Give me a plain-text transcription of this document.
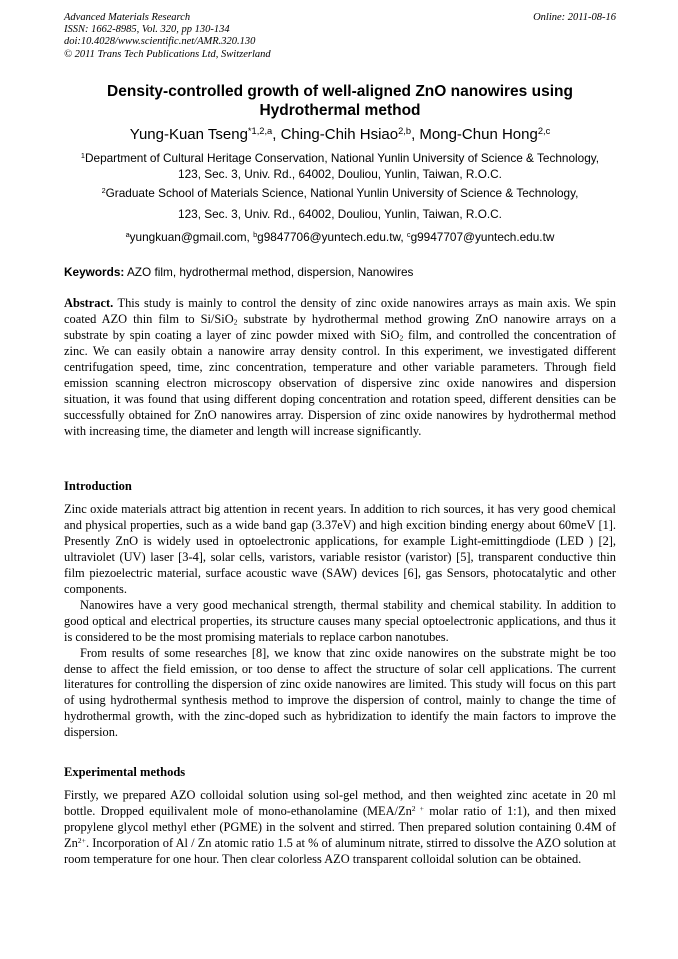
Advanced Materials Research
ISSN: 1662-8985, Vol. 320, pp 130-134
doi:10.4028/www.scientific.net/AMR.320.130
© 2011 Trans Tech Publications Ltd, Switzerland
Online: 2011-08-16
Density-controlled growth of well-aligned ZnO nanowires using
Hydrothermal method
Yung-Kuan Tseng$^{*1,2,a}$, Ching-Chih Hsiao$^{2,b}$, Mong-Chun Hong$^{2,c}$
$^1$Department of Cultural Heritage Conservation, National Yunlin University of Science & Technology,
123, Sec. 3, Univ. Rd., 64002, Douliou, Yunlin, Taiwan, R.O.C.
$^2$Graduate School of Materials Science, National Yunlin University of Science & Technology,
123, Sec. 3, Univ. Rd., 64002, Douliou, Yunlin, Taiwan, R.O.C.
$^a$yungkuan@gmail.com, $^b$g9847706@yuntech.edu.tw, $^c$g9947707@yuntech.edu.tw
Keywords: AZO film, hydrothermal method, dispersion, Nanowires

Abstract. This study is mainly to control the density of zinc oxide nanowires arrays as main axis. We spin coated AZO thin film to Si/SiO$_2$ substrate by hydrothermal method growing ZnO nanowire arrays on a substrate by spin coating a layer of zinc powder mixed with SiO$_2$ film, and controlled the concentration of zinc. We can easily obtain a nanowire array density control. In this experiment, we investigated different centrifugation speed, time, zinc concentration, temperature and other variable parameters. Through field emission scanning electron microscopy observation of dispersive zinc oxide nanowires and dispersion situation, it was found that using different doping concentration and rotation speed, different densities can be successfully obtained for ZnO nanowires array. Dispersion of zinc oxide nanowires by hydrothermal method with increasing time, the diameter and length will increase significantly.

Introduction

Zinc oxide materials attract big attention in recent years. In addition to rich sources, it has very good chemical and physical properties, such as a wide band gap (3.37eV) and high excition binding energy about 60meV [1]. Presently ZnO is widely used in optoelectronic applications, for example Light-emittingdiode (LED ) [2], ultraviolet (UV) laser [3-4], solar cells, varistors, variable resistor (varistor) [5], transparent conductive thin film piezoelectric material, surface acoustic wave (SAW) devices [6], gas Sensors, photocatalytic and other components.

Nanowires have a very good mechanical strength, thermal stability and chemical stability. In addition to good optical and electrical properties, its structure causes many special optoelectronic applications, and thus it is considered to be the most promising materials to replace carbon nanotubes.

From results of some researches [8], we know that zinc oxide nanowires on the substrate might be too dense to affect the field emission, or too dense to affect the structure of solar cell applications. The current literatures for controlling the dispersion of zinc oxide nanowires are limited. This study will focus on this part of using hydrothermal synthesis method to improve the dispersion of control, mainly to change the time of hydrothermal growth, with the zinc-doped such as hybridization to identify the main factors to improve the dispersion.

Experimental methods

Firstly, we prepared AZO colloidal solution using sol-gel method, and then weighted zinc acetate in 20 ml bottle. Dropped equilivalent mole of mono-ethanolamine ($MEA/Zn^{2 +}$ molar ratio of 1:1), and then mixed propylene glycol methyl ether (PGME) in the solvent and stirred. Then prepared solution containing 0.4M of $Zn^{2+}$. Incorporation of Al / Zn atomic ratio 1.5 at % of aluminum nitrate, stirred to dissolve the AZO solution at room temperature for one hour. Then clear colorless AZO transparent colloidal solution can be obtained.
